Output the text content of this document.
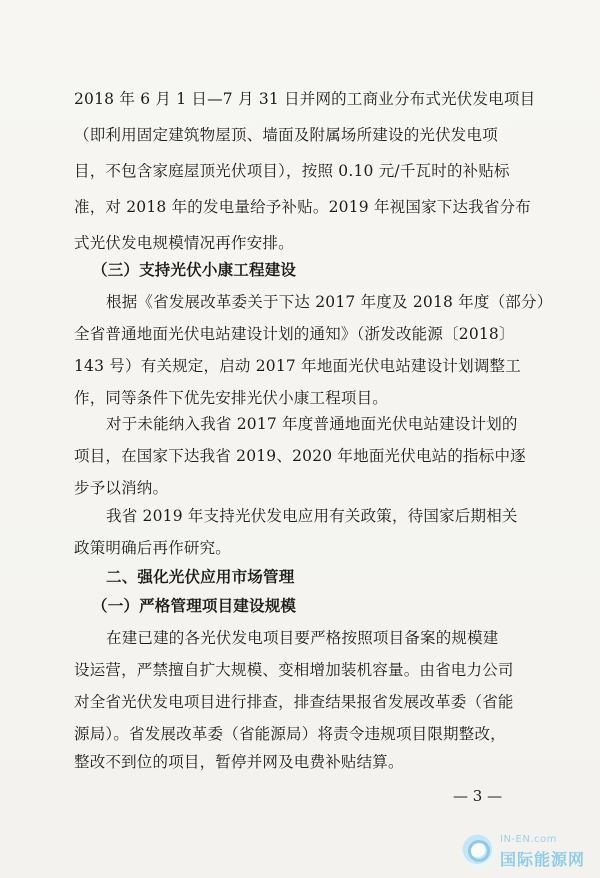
2018 年 6 月 1 日—7 月 31 日并网的工商业分布式光伏发电项目
（即利用固定建筑物屋顶、墙面及附属场所建设的光伏发电项
目，不包含家庭屋顶光伏项目），按照 0.10 元/千瓦时的补贴标
准，对 2018 年的发电量给予补贴。2019 年视国家下达我省分布
式光伏发电规模情况再作安排。
（三）支持光伏小康工程建设
根据《省发展改革委关于下达 2017 年度及 2018 年度（部分）
全省普通地面光伏电站建设计划的通知》（浙发改能源〔2018〕
143 号）有关规定，启动 2017 年地面光伏电站建设计划调整工
作，同等条件下优先安排光伏小康工程项目。
对于未能纳入我省 2017 年度普通地面光伏电站建设计划的
项目，在国家下达我省 2019、2020 年地面光伏电站的指标中逐
步予以消纳。
我省 2019 年支持光伏发电应用有关政策，待国家后期相关
政策明确后再作研究。
二、强化光伏应用市场管理
（一）严格管理项目建设规模
在建已建的各光伏发电项目要严格按照项目备案的规模建
设运营，严禁擅自扩大规模、变相增加装机容量。由省电力公司
对全省光伏发电项目进行排查，排查结果报省发展改革委（省能
源局）。省发展改革委（省能源局）将责令违规项目限期整改，
整改不到位的项目，暂停并网及电费补贴结算。
— 3 —
IN-EN.com
国际能源网
